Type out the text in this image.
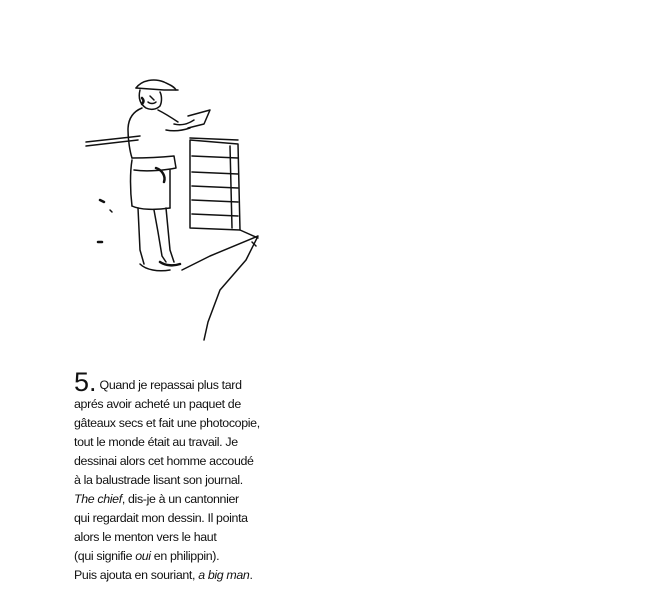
5. Quand je repassai plus tard
aprés avoir acheté un paquet de
gâteaux secs et fait une photocopie,
tout le monde était au travail. Je
dessinai alors cet homme accoudé
à la balustrade lisant son journal.
The chief, dis-je à un cantonnier
qui regardait mon dessin. Il pointa
alors le menton vers le haut
(qui signifie oui en philippin).
Puis ajouta en souriant, a big man.
